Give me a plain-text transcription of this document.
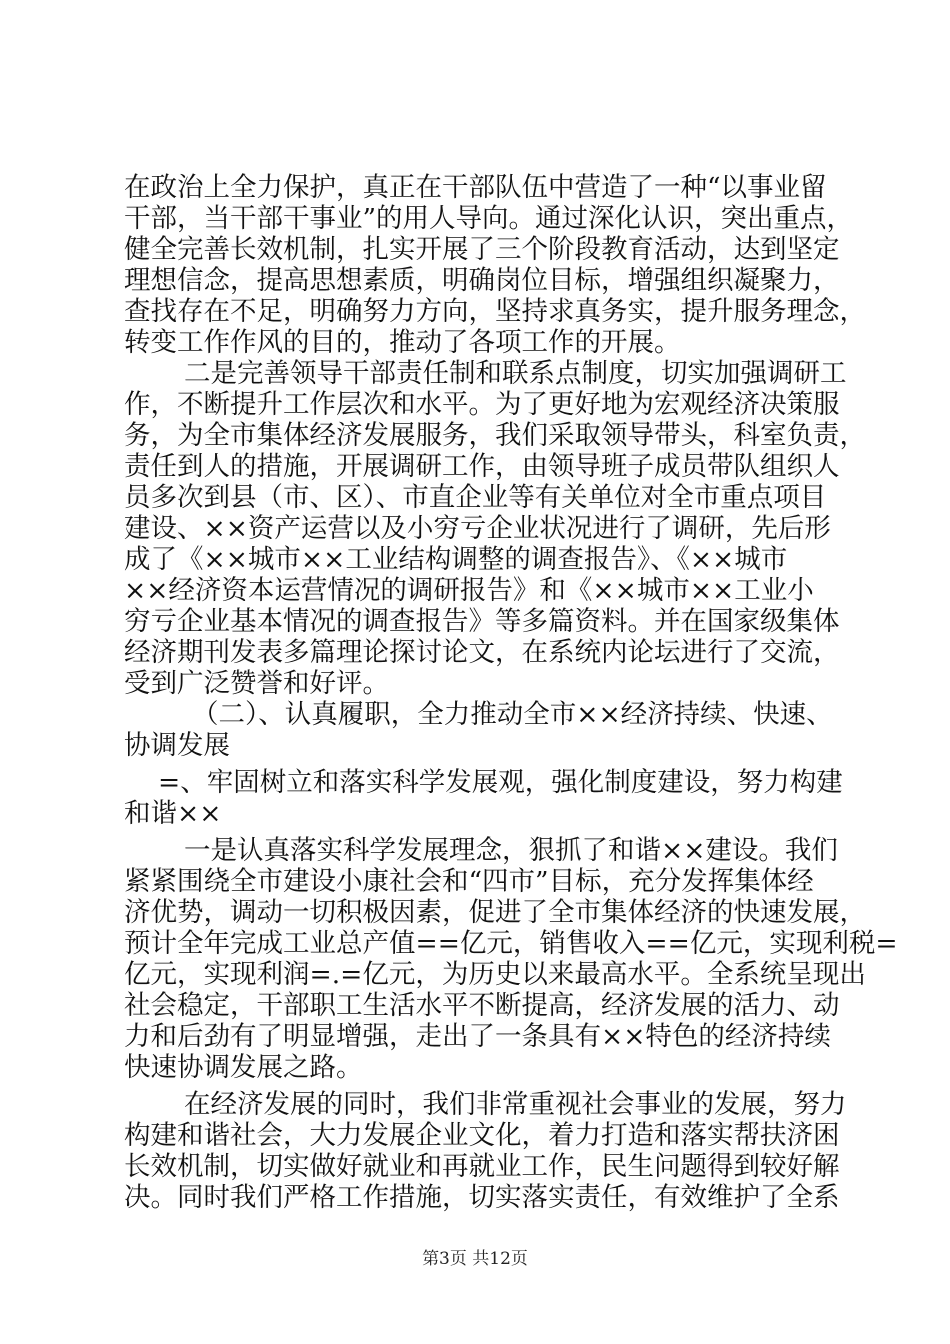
在政治上全力保护，真正在干部队伍中营造了一种“以事业留
干部，当干部干事业”的用人导向。通过深化认识，突出重点，
健全完善长效机制，扎实开展了三个阶段教育活动，达到坚定
理想信念，提高思想素质，明确岗位目标，增强组织凝聚力，
查找存在不足，明确努力方向，坚持求真务实，提升服务理念，
转变工作作风的目的，推动了各项工作的开展。
二是完善领导干部责任制和联系点制度，切实加强调研工
作，不断提升工作层次和水平。为了更好地为宏观经济决策服
务，为全市集体经济发展服务，我们采取领导带头，科室负责，
责任到人的措施，开展调研工作，由领导班子成员带队组织人
员多次到县（市、区）、市直企业等有关单位对全市重点项目
建设、××资产运营以及小穷亏企业状况进行了调研，先后形
成了《××城市××工业结构调整的调查报告》、《××城市
××经济资本运营情况的调研报告》和《××城市××工业小
穷亏企业基本情况的调查报告》等多篇资料。并在国家级集体
经济期刊发表多篇理论探讨论文，在系统内论坛进行了交流，
受到广泛赞誉和好评。
（二）、认真履职，全力推动全市××经济持续、快速、
协调发展
=、牢固树立和落实科学发展观，强化制度建设，努力构建
和谐××
一是认真落实科学发展理念，狠抓了和谐××建设。我们
紧紧围绕全市建设小康社会和“四市”目标，充分发挥集体经
济优势，调动一切积极因素，促进了全市集体经济的快速发展，
预计全年完成工业总产值==亿元，销售收入==亿元，实现利税=
亿元，实现利润=.=亿元，为历史以来最高水平。全系统呈现出
社会稳定，干部职工生活水平不断提高，经济发展的活力、动
力和后劲有了明显增强，走出了一条具有××特色的经济持续
快速协调发展之路。
在经济发展的同时，我们非常重视社会事业的发展，努力
构建和谐社会，大力发展企业文化，着力打造和落实帮扶济困
长效机制，切实做好就业和再就业工作，民生问题得到较好解
决。同时我们严格工作措施，切实落实责任，有效维护了全系
第3页 共12页
